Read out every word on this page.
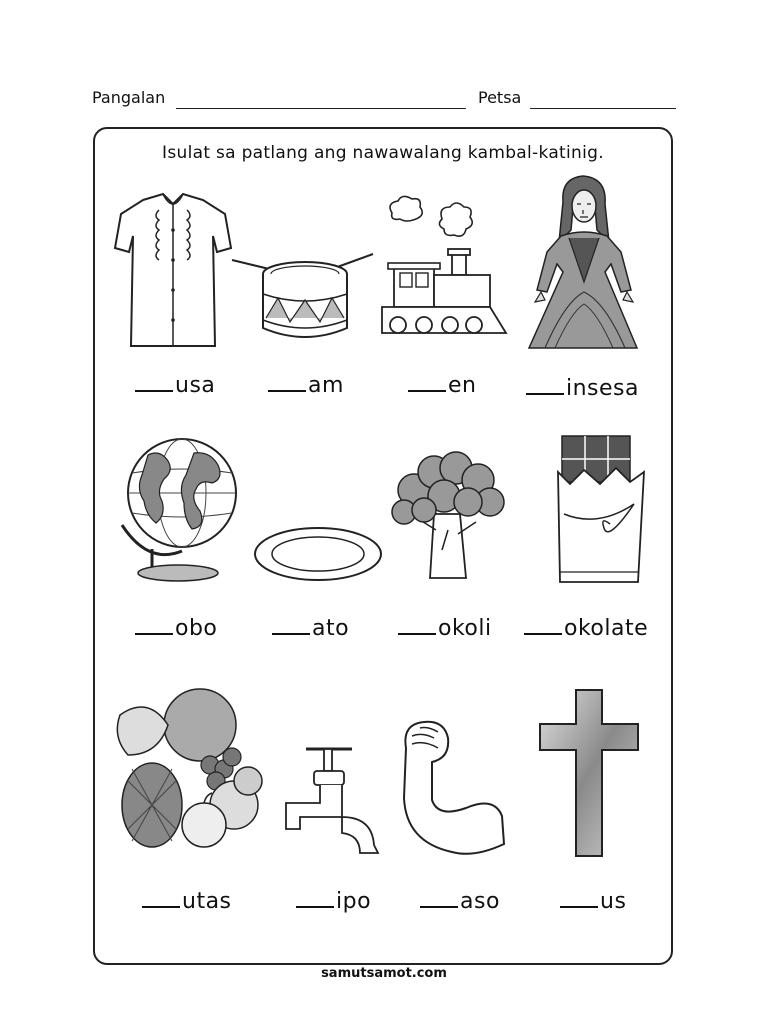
Pangalan	Petsa
Isulat sa patlang ang nawawalang kambal-katinig.
usa	am	en	insesa
obo	ato	okoli	okolate
utas	ipo	aso	us
samutsamot.com
